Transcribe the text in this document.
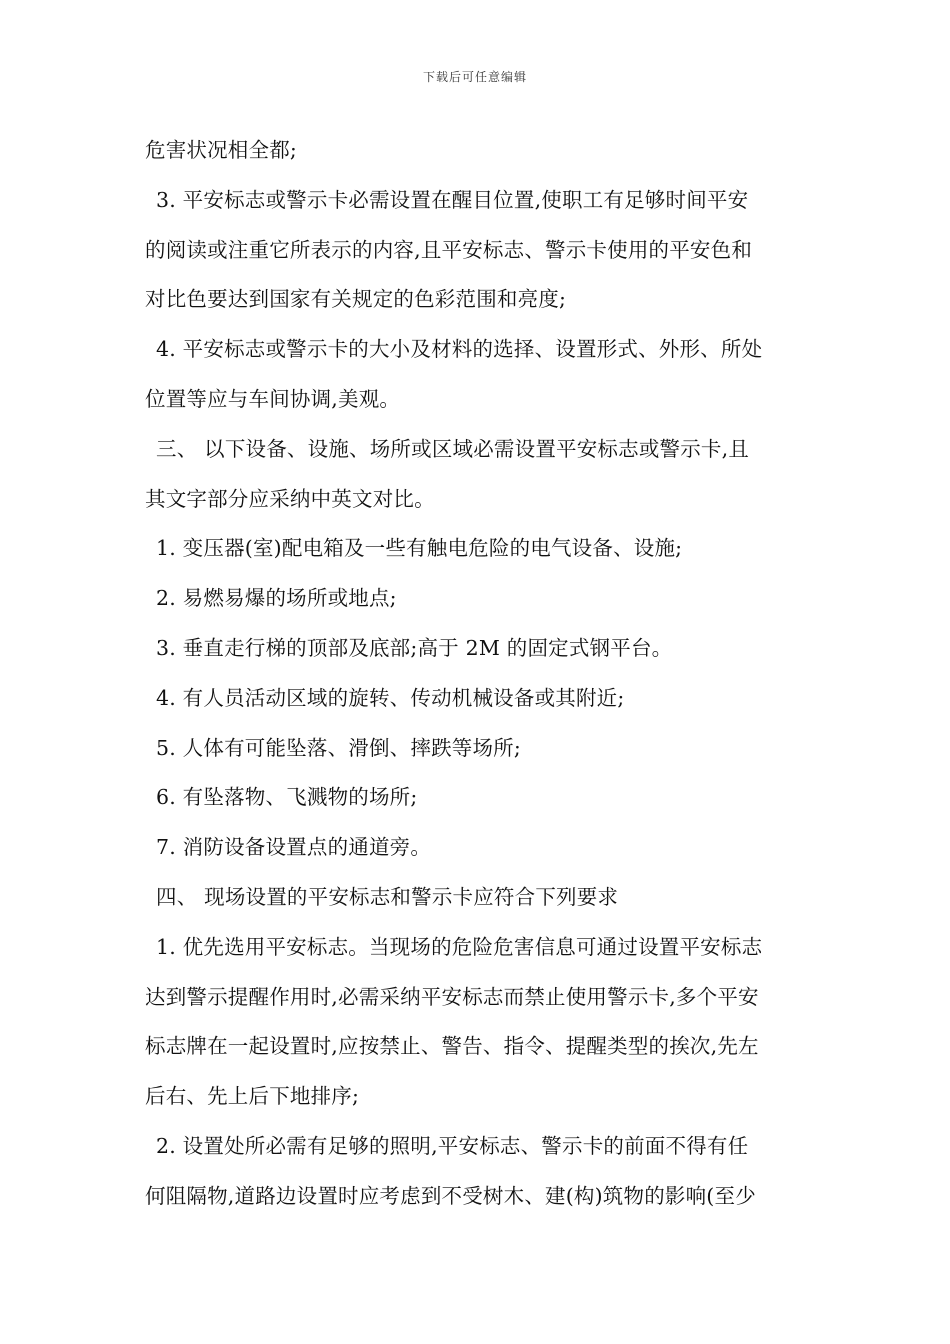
下载后可任意编辑
危害状况相全都;
3. 平安标志或警示卡必需设置在醒目位置,使职工有足够时间平安
的阅读或注重它所表示的内容,且平安标志、警示卡使用的平安色和
对比色要达到国家有关规定的色彩范围和亮度;
4. 平安标志或警示卡的大小及材料的选择、设置形式、外形、所处
位置等应与车间协调,美观。
三、 以下设备、设施、场所或区域必需设置平安标志或警示卡,且
其文字部分应采纳中英文对比。
1. 变压器(室)配电箱及一些有触电危险的电气设备、设施;
2. 易燃易爆的场所或地点;
3. 垂直走行梯的顶部及底部;高于 2M 的固定式钢平台。
4. 有人员活动区域的旋转、传动机械设备或其附近;
5. 人体有可能坠落、滑倒、摔跌等场所;
6. 有坠落物、飞溅物的场所;
7. 消防设备设置点的通道旁。
四、 现场设置的平安标志和警示卡应符合下列要求
1. 优先选用平安标志。当现场的危险危害信息可通过设置平安标志
达到警示提醒作用时,必需采纳平安标志而禁止使用警示卡,多个平安
标志牌在一起设置时,应按禁止、警告、指令、提醒类型的挨次,先左
后右、先上后下地排序;
2. 设置处所必需有足够的照明,平安标志、警示卡的前面不得有任
何阻隔物,道路边设置时应考虑到不受树木、建(构)筑物的影响(至少
